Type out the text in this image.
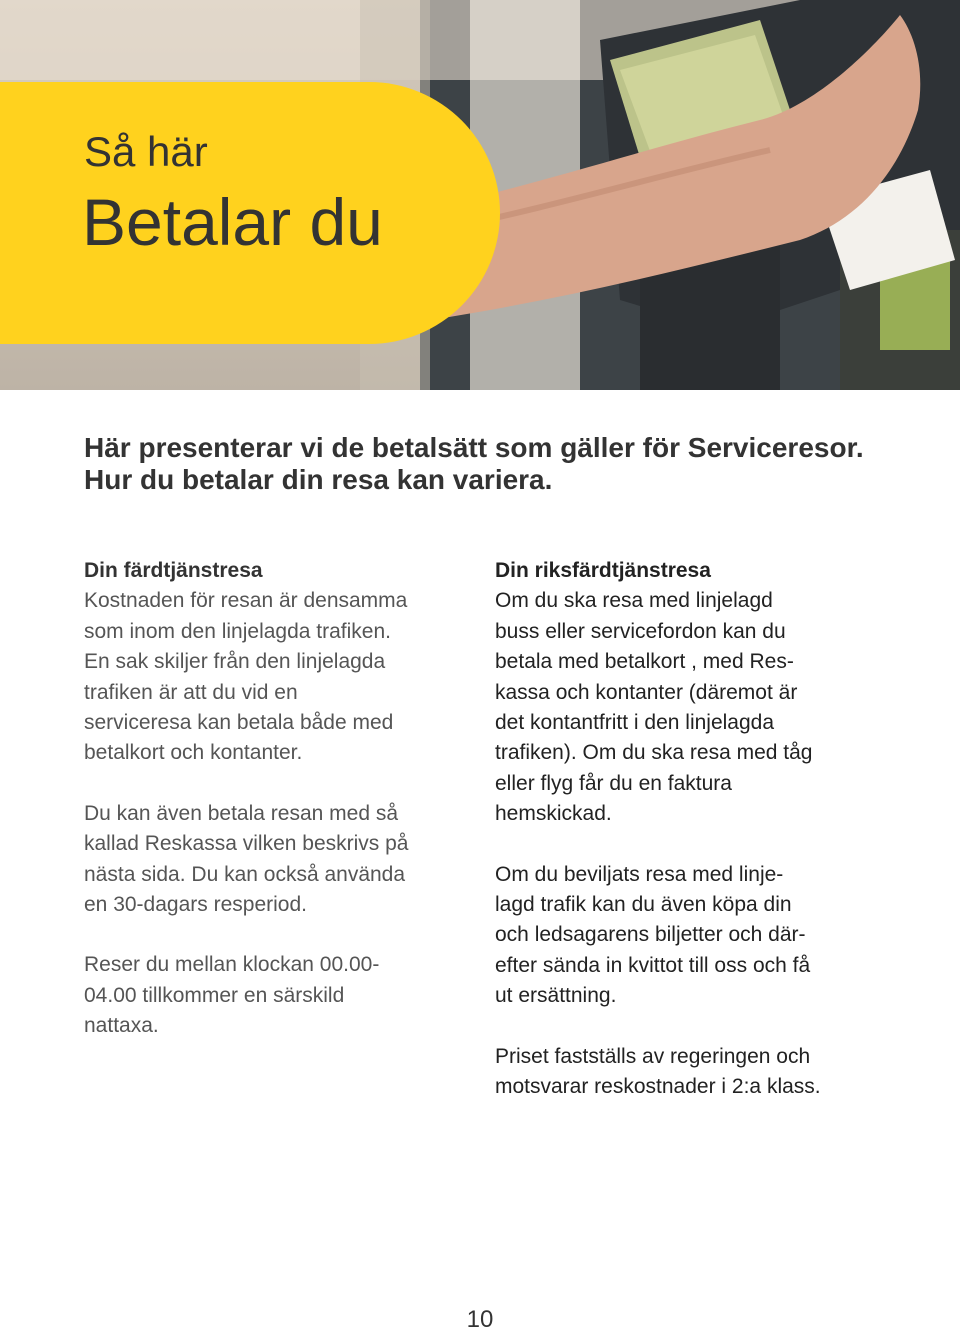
Så här
Betalar du

Här presenterar vi de betalsätt som gäller för Serviceresor. Hur du betalar din resa kan variera.

Din färdtjänstresa

Kostnaden för resan är densamma
som inom den linjelagda trafiken.
En sak skiljer från den linjelagda
trafiken är att du vid en
serviceresa kan betala både med
betalkort och kontanter.

Du kan även betala resan med så
kallad Reskassa vilken beskrivs på
nästa sida. Du kan också använda
en 30-dagars resperiod.

Reser du mellan klockan 00.00-
04.00 tillkommer en särskild
nattaxa.

Din riksfärdtjänstresa

Om du ska resa med linjelagd
buss eller servicefordon kan du
betala med betalkort , med Res-
kassa och kontanter (däremot är
det kontantfritt i den linjelagda
trafiken). Om du ska resa med tåg
eller flyg får du en faktura
hemskickad.

Om du beviljats resa med linje-
lagd trafik kan du även köpa din
och ledsagarens biljetter och där-
efter sända in kvittot till oss och få
ut ersättning.

Priset fastställs av regeringen och
motsvarar reskostnader i 2:a klass.

10
